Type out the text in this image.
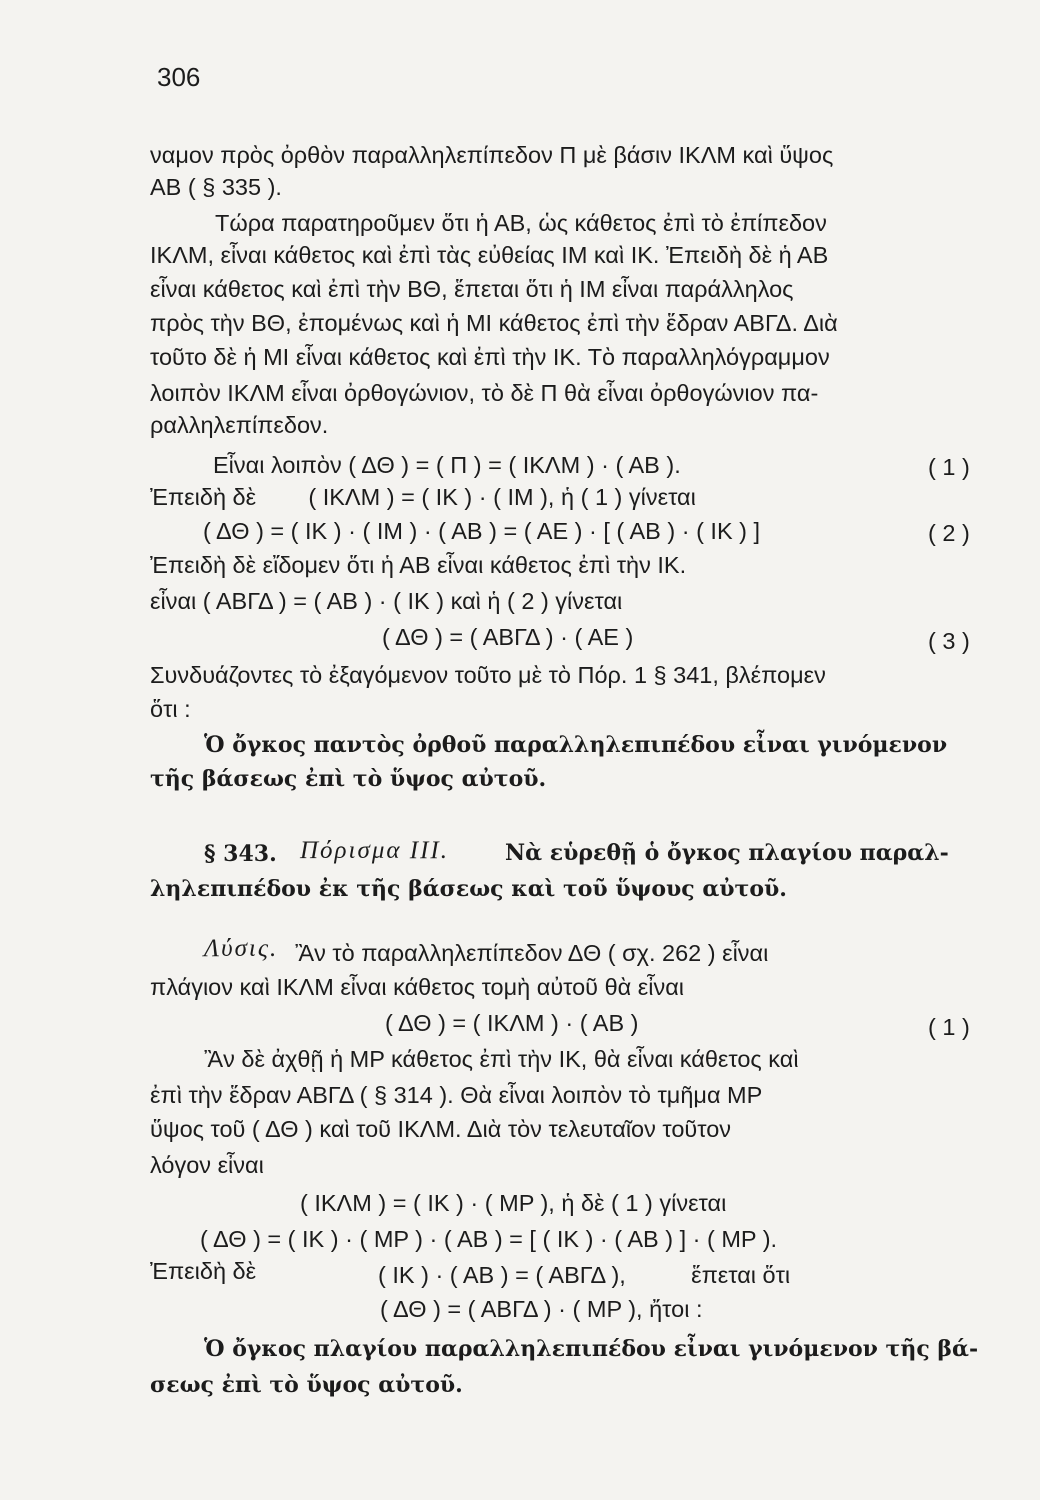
306
ναμον πρὸς ὀρθὸν παραλληλεπίπεδον Π μὲ βάσιν ΙΚΛΜ καὶ ὕψος
ΑΒ ( § 335 ).
Τώρα παρατηροῦμεν ὅτι ἡ ΑΒ, ὡς κάθετος ἐπὶ τὸ ἐπίπεδον
ΙΚΛΜ, εἶναι κάθετος καὶ ἐπὶ τὰς εὐθείας ΙΜ καὶ ΙΚ. Ἐπειδὴ δὲ ἡ ΑΒ
εἶναι κάθετος καὶ ἐπὶ τὴν ΒΘ, ἕπεται ὅτι ἡ ΙΜ εἶναι παράλληλος
πρὸς τὴν ΒΘ, ἐπομένως καὶ ἡ ΜΙ κάθετος ἐπὶ τὴν ἕδραν ΑΒΓΔ. Διὰ
τοῦτο δὲ ἡ ΜΙ εἶναι κάθετος καὶ ἐπὶ τὴν ΙΚ. Τὸ παραλληλόγραμμον
λοιπὸν ΙΚΛΜ εἶναι ὀρθογώνιον, τὸ δὲ Π θὰ εἶναι ὀρθογώνιον πα-
ραλληλεπίπεδον.
Εἶναι λοιπὸν ( ΔΘ ) = ( Π ) = ( ΙΚΛΜ ) · ( ΑΒ ).	( 1 )
Ἐπειδὴ δὲ        ( ΙΚΛΜ ) = ( ΙΚ ) · ( ΙΜ ), ἡ ( 1 ) γίνεται
( ΔΘ ) = ( ΙΚ ) · ( ΙΜ ) · ( ΑΒ ) = ( ΑΕ ) · [ ( ΑΒ ) · ( ΙΚ ) ]	( 2 )
Ἐπειδὴ δὲ εἴδομεν ὅτι ἡ ΑΒ εἶναι κάθετος ἐπὶ τὴν ΙΚ.
εἶναι ( ΑΒΓΔ ) = ( ΑΒ ) · ( ΙΚ ) καὶ ἡ ( 2 ) γίνεται
( ΔΘ ) = ( ΑΒΓΔ ) · ( ΑΕ )	( 3 )
Συνδυάζοντες τὸ ἐξαγόμενον τοῦτο μὲ τὸ Πόρ. 1 § 341, βλέπομεν
ὅτι :
Ὁ ὄγκος παντὸς ὀρθοῦ παραλληλεπιπέδου εἶναι γινόμενον
τῆς βάσεως ἐπὶ τὸ ὕψος αὐτοῦ.
§ 343. Πόρισμα ΙΙΙ.	Νὰ εὑρεθῇ ὁ ὄγκος πλαγίου παραλ-
ληλεπιπέδου ἐκ τῆς βάσεως καὶ τοῦ ὕψους αὐτοῦ.
Λύσις. Ἂν τὸ παραλληλεπίπεδον ΔΘ ( σχ. 262 ) εἶναι
πλάγιον καὶ ΙΚΛΜ εἶναι κάθετος τομὴ αὐτοῦ θὰ εἶναι
( ΔΘ ) = ( ΙΚΛΜ ) · ( ΑΒ )	( 1 )
Ἂν δὲ ἀχθῇ ἡ ΜΡ κάθετος ἐπὶ τὴν ΙΚ, θὰ εἶναι κάθετος καὶ
ἐπὶ τὴν ἕδραν ΑΒΓΔ ( § 314 ). Θὰ εἶναι λοιπὸν τὸ τμῆμα ΜΡ
ὕψος τοῦ ( ΔΘ ) καὶ τοῦ ΙΚΛΜ. Διὰ τὸν τελευταῖον τοῦτον
λόγον εἶναι
( ΙΚΛΜ ) = ( ΙΚ ) · ( ΜΡ ), ἡ δὲ ( 1 ) γίνεται
( ΔΘ ) = ( ΙΚ ) · ( ΜΡ ) · ( ΑΒ ) = [ ( ΙΚ ) · ( ΑΒ ) ] · ( ΜΡ ).
Ἐπειδὴ δὲ	( ΙΚ ) · ( ΑΒ ) = ( ΑΒΓΔ ),          ἕπεται ὅτι
( ΔΘ ) = ( ΑΒΓΔ ) · ( ΜΡ ), ἤτοι :
Ὁ ὄγκος πλαγίου παραλληλεπιπέδου εἶναι γινόμενον τῆς βά-
σεως ἐπὶ τὸ ὕψος αὐτοῦ.
